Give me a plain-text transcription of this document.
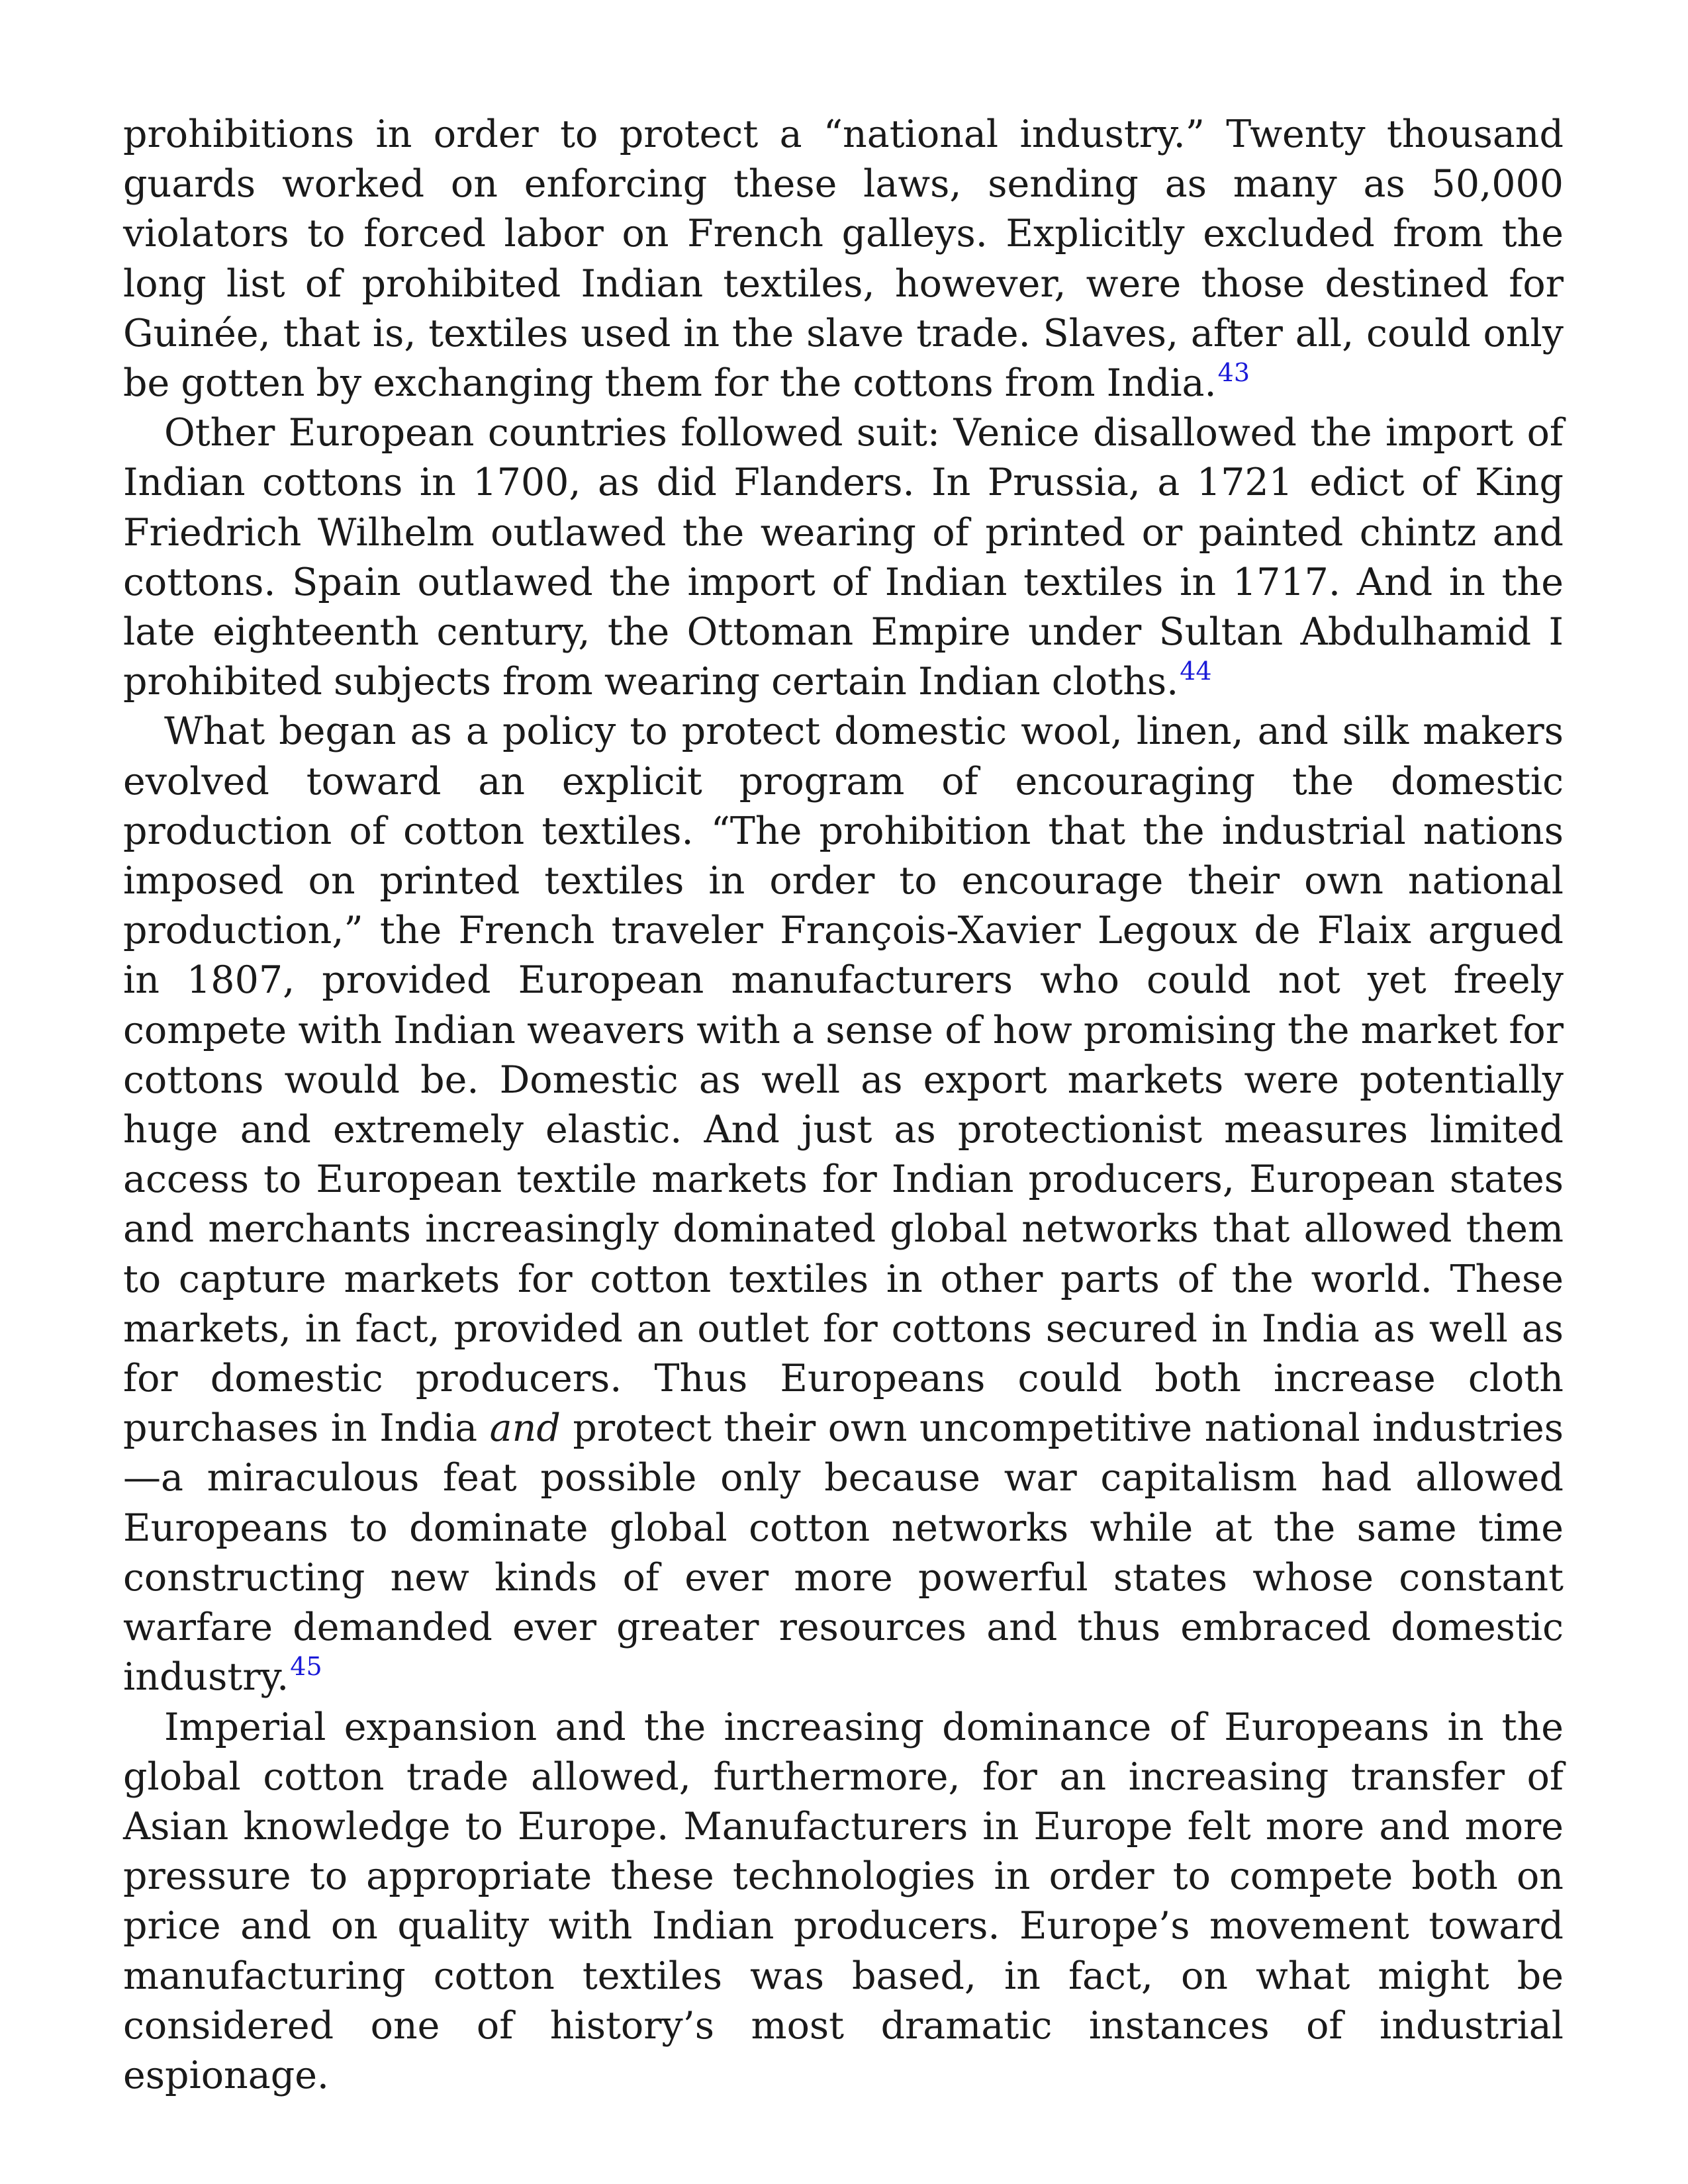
prohibitions in order to protect a “national industry.” Twenty thousand guards worked on enforcing these laws, sending as many as 50,000 violators to forced labor on French galleys. Explicitly excluded from the long list of prohibited Indian textiles, however, were those destined for Guinée, that is, textiles used in the slave trade. Slaves, after all, could only be gotten by exchanging them for the cottons from India.$^{43}$

Other European countries followed suit: Venice disallowed the import of Indian cottons in 1700, as did Flanders. In Prussia, a 1721 edict of King Friedrich Wilhelm outlawed the wearing of printed or painted chintz and cottons. Spain outlawed the import of Indian textiles in 1717. And in the late eighteenth century, the Ottoman Empire under Sultan Abdulhamid I prohibited subjects from wearing certain Indian cloths.$^{44}$

What began as a policy to protect domestic wool, linen, and silk makers evolved toward an explicit program of encouraging the domestic production of cotton textiles. “The prohibition that the industrial nations imposed on printed textiles in order to encourage their own national production,” the French traveler François-Xavier Legoux de Flaix argued in 1807, provided European manufacturers who could not yet freely compete with Indian weavers with a sense of how promising the market for cottons would be. Domestic as well as export markets were potentially huge and extremely elastic. And just as protectionist measures limited access to European textile markets for Indian producers, European states and merchants increasingly dominated global networks that allowed them to capture markets for cotton textiles in other parts of the world. These markets, in fact, provided an outlet for cottons secured in India as well as for domestic producers. Thus Europeans could both increase cloth purchases in India and protect their own uncompetitive national industries—a miraculous feat possible only because war capitalism had allowed Europeans to dominate global cotton networks while at the same time constructing new kinds of ever more powerful states whose constant warfare demanded ever greater resources and thus embraced domestic industry.$^{45}$

Imperial expansion and the increasing dominance of Europeans in the global cotton trade allowed, furthermore, for an increasing transfer of Asian knowledge to Europe. Manufacturers in Europe felt more and more pressure to appropriate these technologies in order to compete both on price and on quality with Indian producers. Europe’s movement toward manufacturing cotton textiles was based, in fact, on what might be considered one of history’s most dramatic instances of industrial espionage.
